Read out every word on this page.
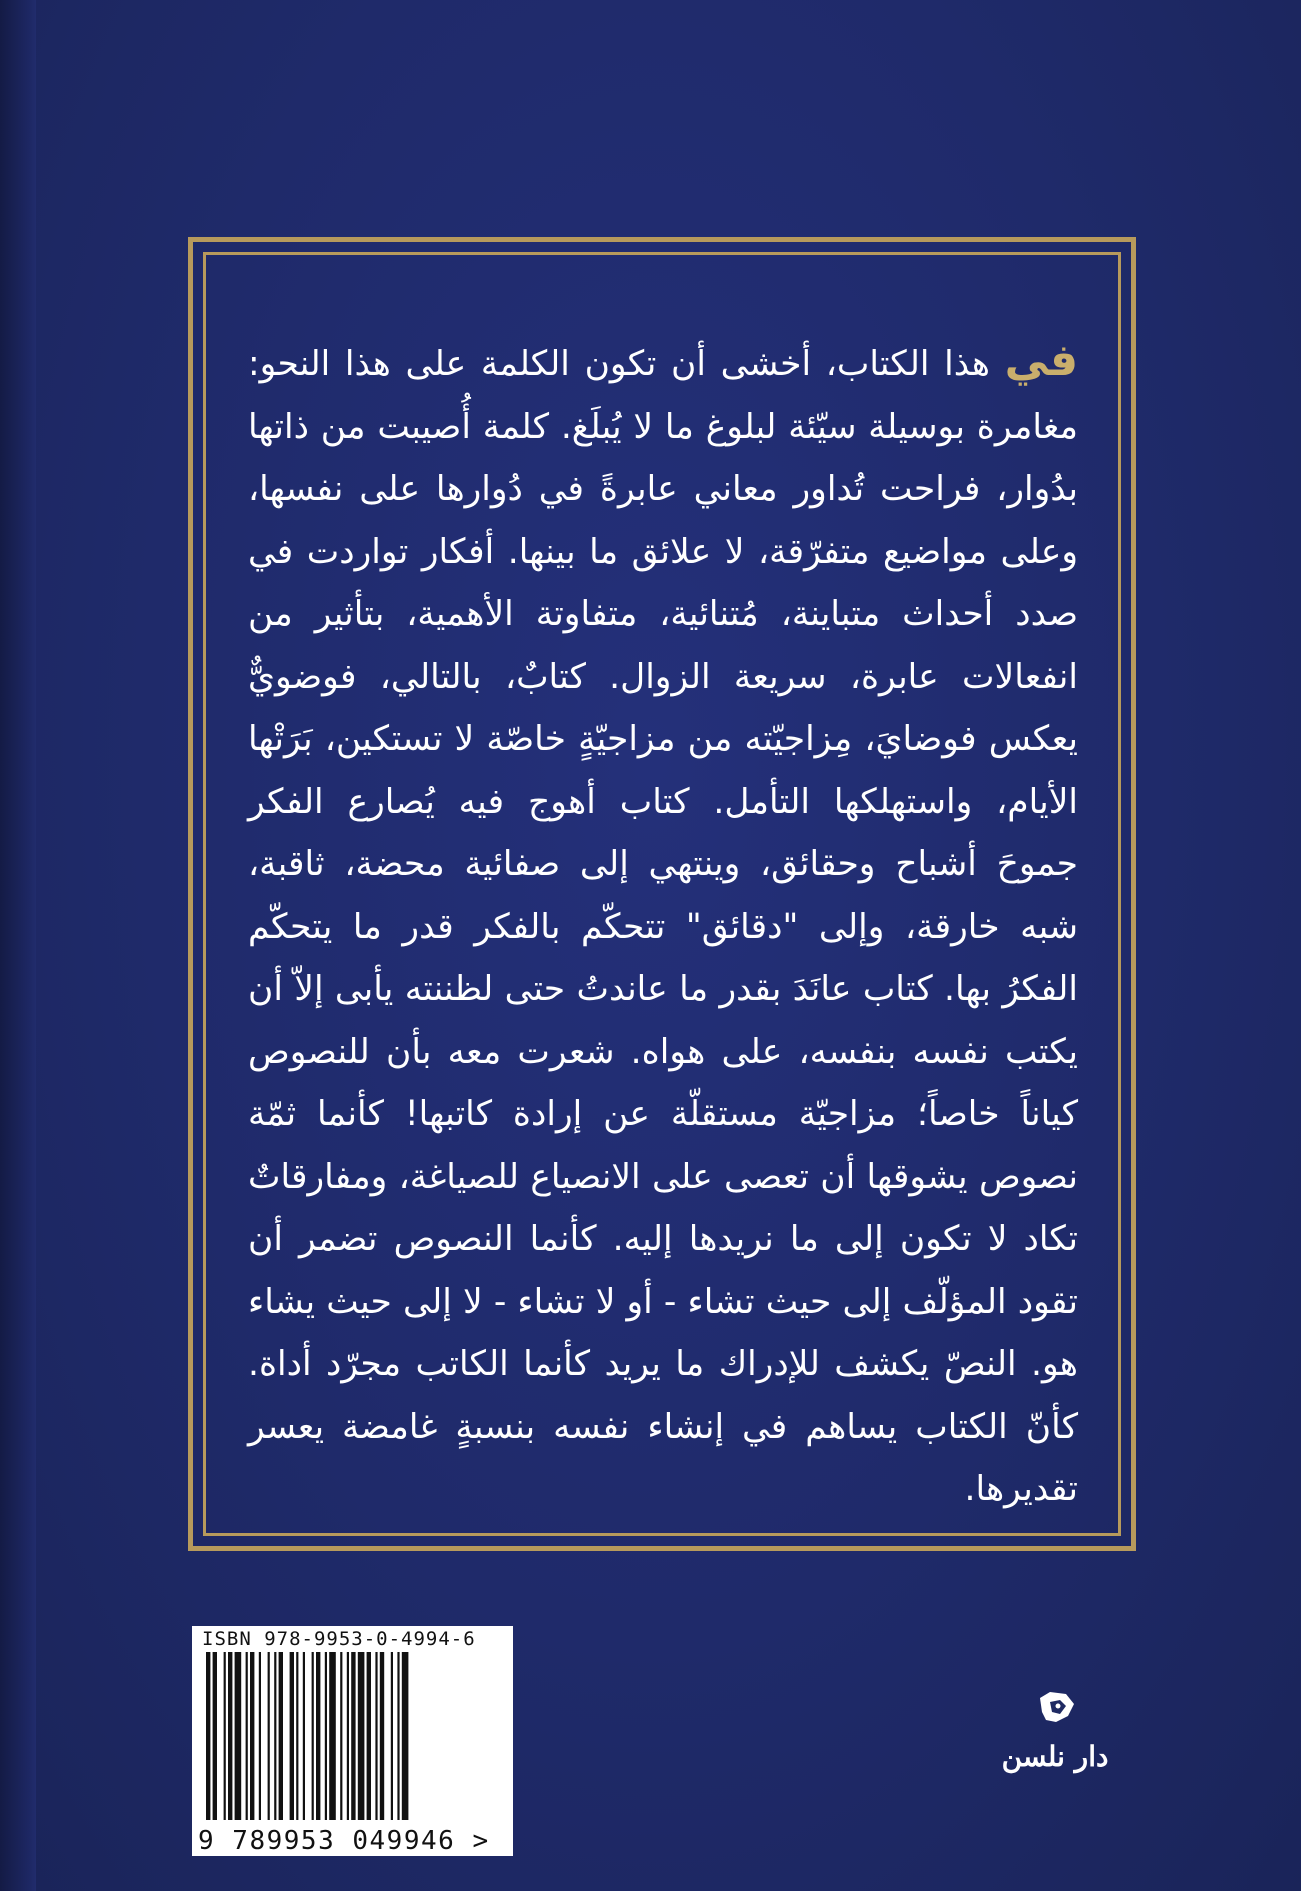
في هذا الكتاب، أخشى أن تكون الكلمة على هذا النحو: مغامرة بوسيلة سيّئة لبلوغ ما لا يُبلَغ. كلمة أُصيبت من ذاتها بدُوار، فراحت تُداور معاني عابرةً في دُوارها على نفسها، وعلى مواضيع متفرّقة، لا علائق ما بينها. أفكار تواردت في صدد أحداث متباينة، مُتنائية، متفاوتة الأهمية، بتأثير من انفعالات عابرة، سريعة الزوال. كتابٌ، بالتالي، فوضويٌّ يعكس فوضايَ، مِزاجيّته من مزاجيّةٍ خاصّة لا تستكين، بَرَتْها الأيام، واستهلكها التأمل. كتاب أهوج فيه يُصارع الفكر جموحَ أشباح وحقائق، وينتهي إلى صفائية محضة، ثاقبة، شبه خارقة، وإلى "دقائق" تتحكّم بالفكر قدر ما يتحكّم الفكرُ بها. كتاب عانَدَ بقدر ما عاندتُ حتى لظننته يأبى إلاّ أن يكتب نفسه بنفسه، على هواه. شعرت معه بأن للنصوص كياناً خاصاً؛ مزاجيّة مستقلّة عن إرادة كاتبها! كأنما ثمّة نصوص يشوقها أن تعصى على الانصياع للصياغة، ومفارقاتٌ تكاد لا تكون إلى ما نريدها إليه. كأنما النصوص تضمر أن تقود المؤلّف إلى حيث تشاء - أو لا تشاء - لا إلى حيث يشاء هو. النصّ يكشف للإدراك ما يريد كأنما الكاتب مجرّد أداة. كأنّ الكتاب يساهم في إنشاء نفسه بنسبةٍ غامضة يعسر تقديرها.

ISBN 978-9953-0-4994-6
9 789953 049946 >
دار نلسن
